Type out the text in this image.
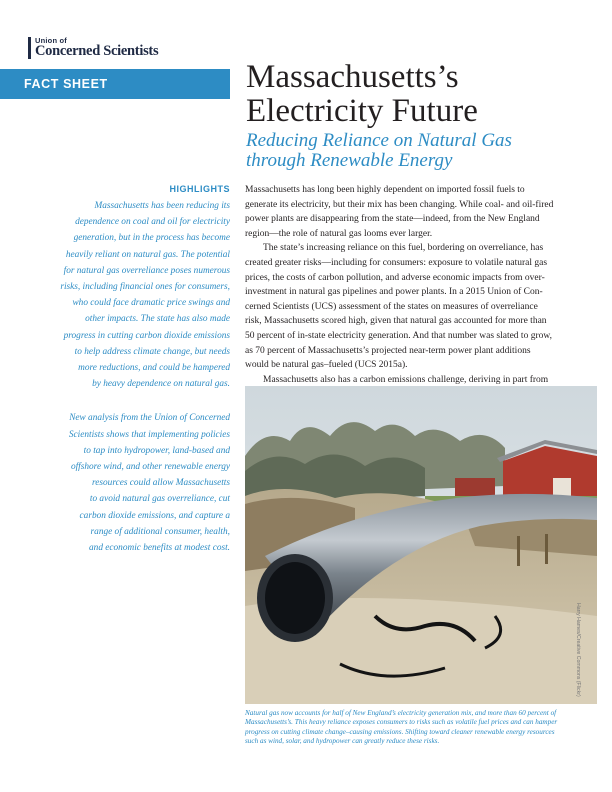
Union of
Concerned Scientists
FACT SHEET	Massachusetts’s
Electricity Future
Reducing Reliance on Natural Gas
through Renewable Energy
HIGHLIGHTS
Massachusetts has been reducing its
dependence on coal and oil for electricity
generation, but in the process has become
heavily reliant on natural gas. The potential
for natural gas overreliance poses numerous
risks, including financial ones for consumers,
who could face dramatic price swings and
other impacts. The state has also made
progress in cutting carbon dioxide emissions
to help address climate change, but needs
more reductions, and could be hampered
by heavy dependence on natural gas.
New analysis from the Union of Concerned
Scientists shows that implementing policies
to tap into hydropower, land-based and
offshore wind, and other renewable energy
resources could allow Massachusetts
to avoid natural gas overreliance, cut
carbon dioxide emissions, and capture a
range of additional consumer, health,
and economic benefits at modest cost.
Massachusetts has long been highly dependent on imported fossil fuels to
generate its electricity, but their mix has been changing. While coal- and oil-fired
power plants are disappearing from the state—indeed, from the New England
region—the role of natural gas looms ever larger.
The state’s increasing reliance on this fuel, bordering on overreliance, has
created greater risks—including for consumers: exposure to volatile natural gas
prices, the costs of carbon pollution, and adverse economic impacts from over-
investment in natural gas pipelines and power plants. In a 2015 Union of Con-
cerned Scientists (UCS) assessment of the states on measures of overreliance
risk, Massachusetts scored high, given that natural gas accounted for more than
50 percent of in-state electricity generation. And that number was slated to grow,
as 70 percent of Massachusetts’s projected near-term power plant additions
would be natural gas–fueled (UCS 2015a).
Massachusetts also has a carbon emissions challenge, deriving in part from
Harry Hames/Creative Commons (Flickr)
Natural gas now accounts for half of New England’s electricity generation mix, and more than 60 percent of
Massachusetts’s. This heavy reliance exposes consumers to risks such as volatile fuel prices and can hamper
progress on cutting climate change–causing emissions. Shifting toward cleaner renewable energy resources
such as wind, solar, and hydropower can greatly reduce these risks.
